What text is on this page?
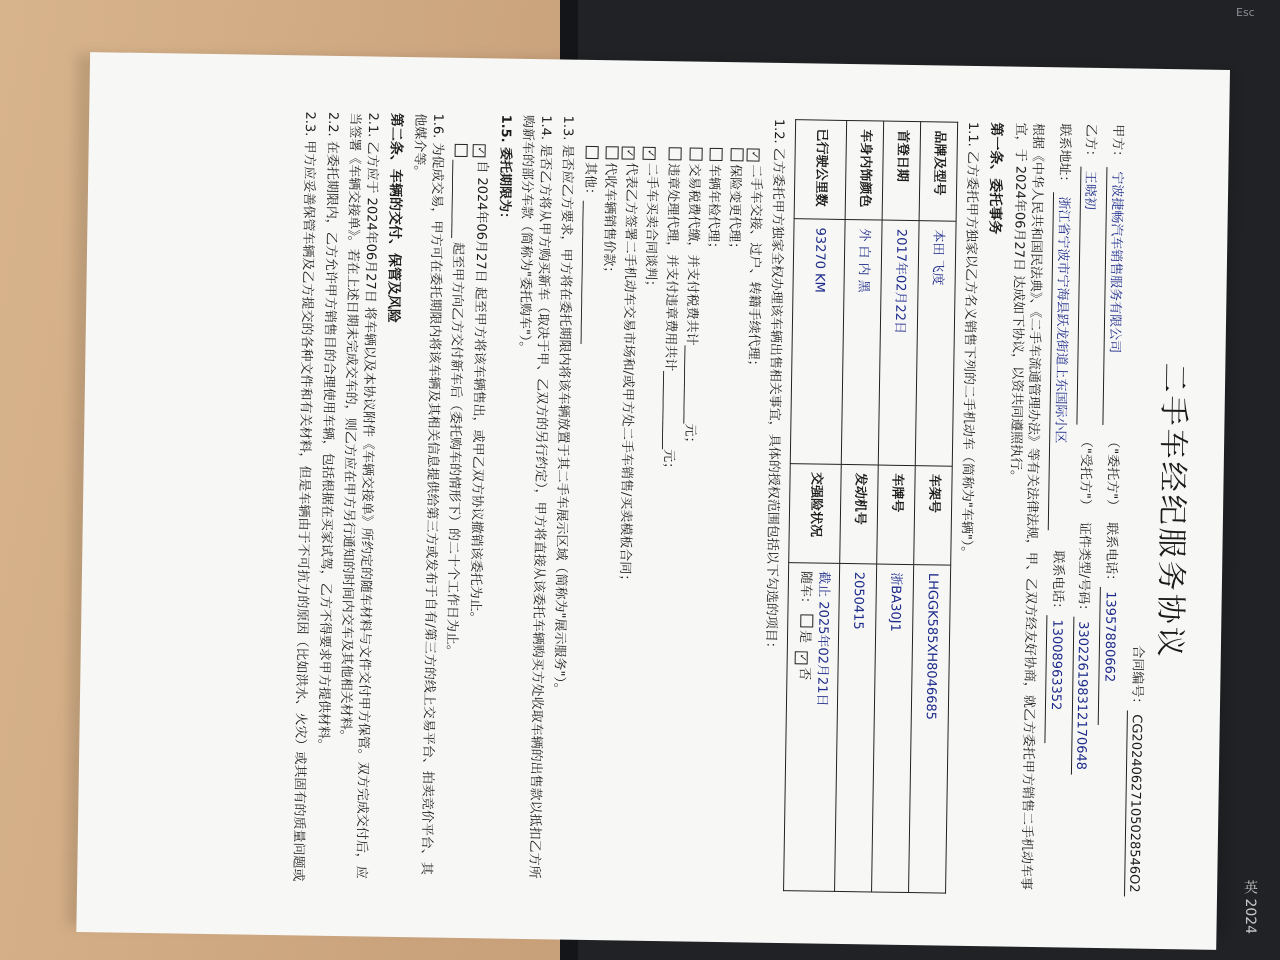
Esc
英 2024
二手车经纪服务协议
合同编号：CG20240627105028546O2
甲方：
宁波捷畅汽车销售服务有限公司
（"委托方"）
联系电话：
13957880662
乙方：
王晓初
（"受托方"）
证件类型/号码：
330226198312170648
联系地址：
浙江省宁波市宁海县跃龙街道上东国际小区
联系电话：
13008963352
根据《中华人民共和国民法典》、《二手车流通管理办法》等有关法律法规，甲、乙双方经友好协商，就乙方委托甲方销售二手机动车事宜，于 2024年06月27日 达成如下协议，以资共同遵照执行。
第一条、委托事务
1.1. 乙方委托甲方独家以乙方名义销售下列的二手机动车（简称为"车辆"）。
品牌及型号	本田 飞度	车架号	LHGGK585XH8046685
首登日期	2017年02月22日	车牌号	浙BA30J1
车身内饰颜色	外 白 内 黑	发动机号	2050415
已行驶公里数	93270 KM	交强险状况	截止 2025年02月21日
随车： 是 ✓否
1.2. 乙方委托甲方独家全权办理该车辆出售相关事宜，具体的授权范围包括以下勾选的项目：
✓二手车交接、过户、转籍手续代理；
保险变更代理；
车辆年检代理；
交易税费代缴，并支付税费共计____________元；
违章处理代理，并支付违章费用共计____________元；
✓二手车买卖合同谈判；
✓代表乙方签署二手机动车交易市场和/或甲方处二手车销售/买卖模板合同；
代收车辆销售价款；
其他：______________________
1.3. 是否应乙方要求，甲方将在委托期限内将该车辆放置于其二手车展示区域（简称为"展示服务"）。
1.4. 是否乙方将从甲方购买新车（取决于甲、乙双方的另行约定），甲方将直接从该委托车辆购买方处收取车辆的出售款以抵扣乙方所购新车的部分车款（简称为"委托购车"）。
1.5. 委托期限为：
✓自 2024年06月27日 起至甲方将该车辆售出，或甲乙双方协议撤销该委托为止。
____________ 起至甲方向乙方交付新车后（委托购车的情形下）的二十个工作日为止。
1.6. 为促成交易，甲方可在委托期限内将该车辆及其相关信息提供给第三方或发布于自有/第三方的线上交易平台、拍卖竞价平台、其他媒介等。
第二条、车辆的交付、保管及风险
2.1. 乙方应于 2024年06月27日 将车辆以及本协议附件《车辆交接单》所约定的随车材料与文件交付甲方保管。双方完成交付后，应当签署《车辆交接单》。若在上述日期未完成交车的，则乙方应在甲方另行通知的时间内交车及其他相关材料。
2.2. 在委托期限内，乙方允许甲方销售目的合理使用车辆，包括根据在买家试驾，乙方不得要求甲方提供材料。
2.3. 甲方应妥善保管车辆及乙方提交的各种文件和有关材料，但是车辆由于不可抗力的原因（比如洪水、火灾）或其固有的质量问题或
